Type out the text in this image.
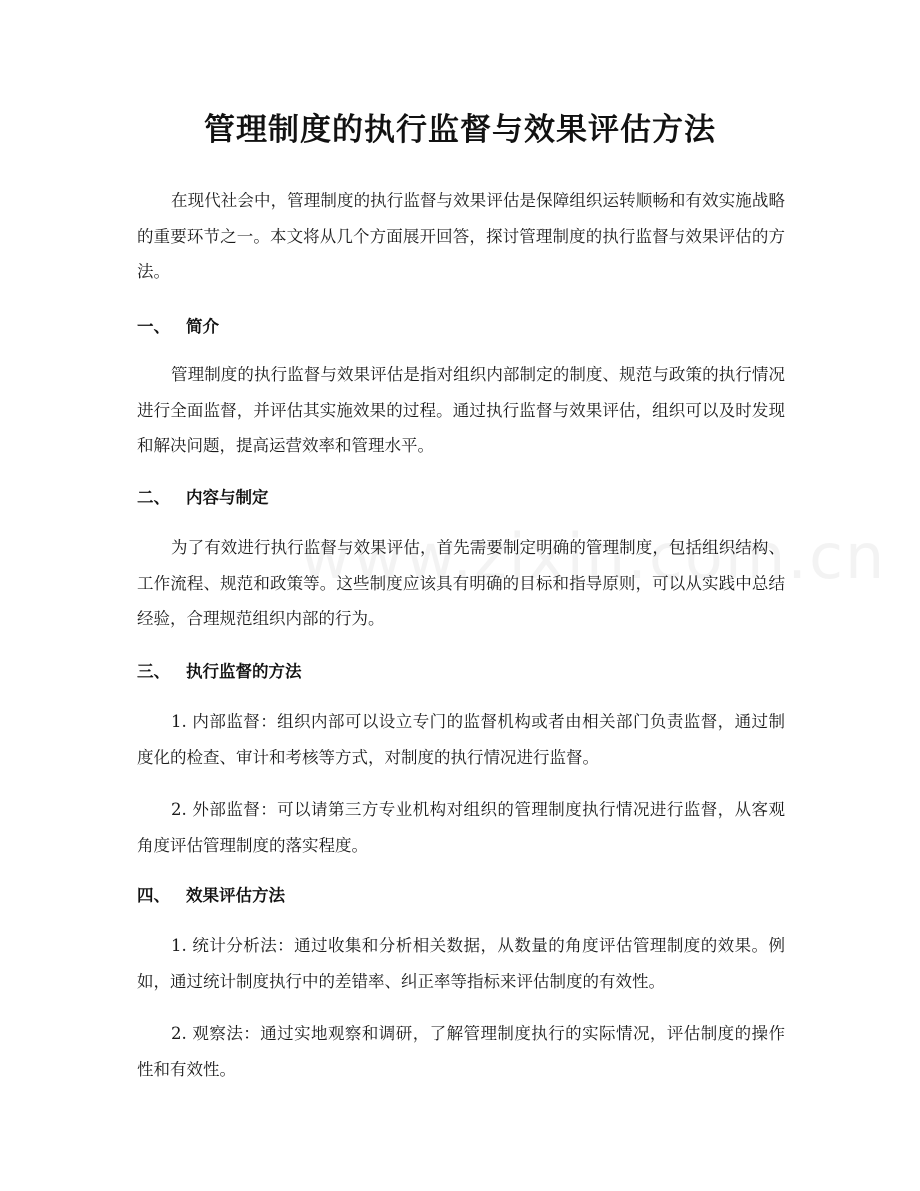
管理制度的执行监督与效果评估方法

在现代社会中，管理制度的执行监督与效果评估是保障组织运转顺畅和有效实施战略的重要环节之一。本文将从几个方面展开回答，探讨管理制度的执行监督与效果评估的方法。

一、 简介

管理制度的执行监督与效果评估是指对组织内部制定的制度、规范与政策的执行情况进行全面监督，并评估其实施效果的过程。通过执行监督与效果评估，组织可以及时发现和解决问题，提高运营效率和管理水平。

二、 内容与制定

为了有效进行执行监督与效果评估，首先需要制定明确的管理制度，包括组织结构、工作流程、规范和政策等。这些制度应该具有明确的目标和指导原则，可以从实践中总结经验，合理规范组织内部的行为。

三、 执行监督的方法

1. 内部监督：组织内部可以设立专门的监督机构或者由相关部门负责监督，通过制度化的检查、审计和考核等方式，对制度的执行情况进行监督。

2. 外部监督：可以请第三方专业机构对组织的管理制度执行情况进行监督，从客观角度评估管理制度的落实程度。

四、 效果评估方法

1. 统计分析法：通过收集和分析相关数据，从数量的角度评估管理制度的效果。例如，通过统计制度执行中的差错率、纠正率等指标来评估制度的有效性。

2. 观察法：通过实地观察和调研，了解管理制度执行的实际情况，评估制度的操作性和有效性。
